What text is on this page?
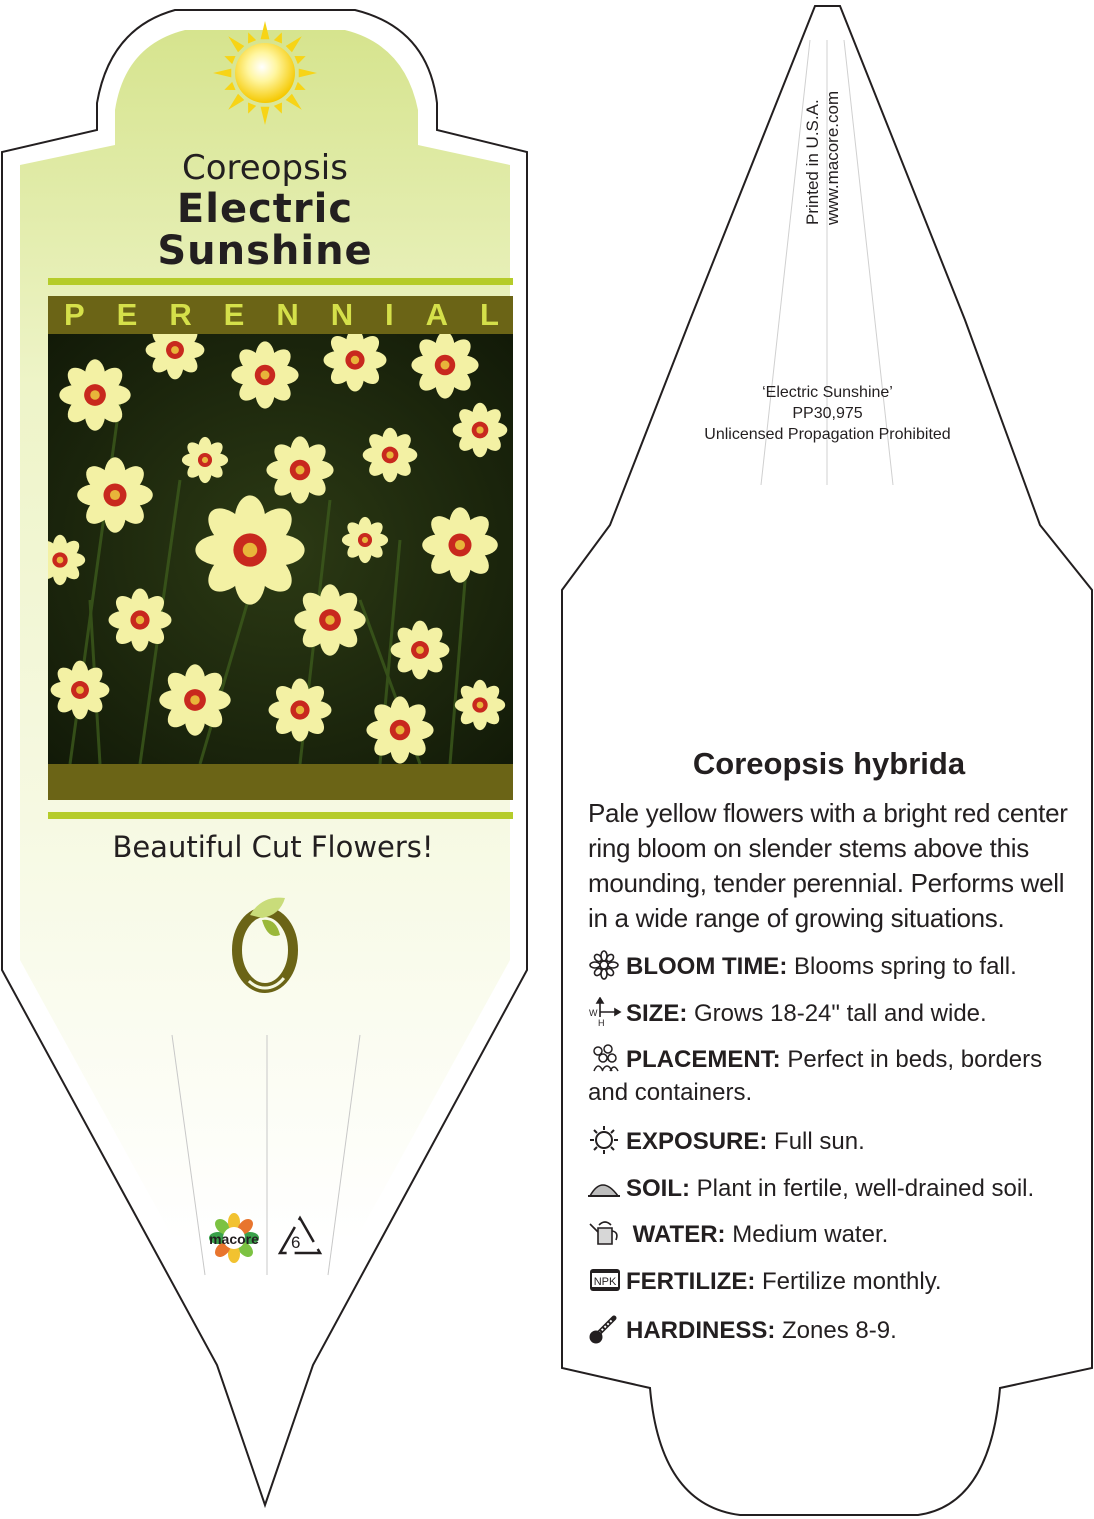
macore
Coreopsis
Electric
Sunshine
P E R E N N I A L
Beautiful Cut Flowers!
6
Printed in U.S.A. www.macore.com
‘Electric Sunshine’
PP30,975
Unlicensed Propagation Prohibited
Coreopsis hybrida
Pale yellow flowers with a bright red center ring bloom on slender stems above this mounding, tender perennial. Performs well in a wide range of growing situations.
BLOOM TIME: Blooms spring to fall.
W
H SIZE: Grows 18-24" tall and wide.
PLACEMENT: Perfect in beds, borders and containers.
EXPOSURE: Full sun.
SOIL: Plant in fertile, well-drained soil.
WATER: Medium water.
NPK FERTILIZE: Fertilize monthly.
HARDINESS: Zones 8-9.
